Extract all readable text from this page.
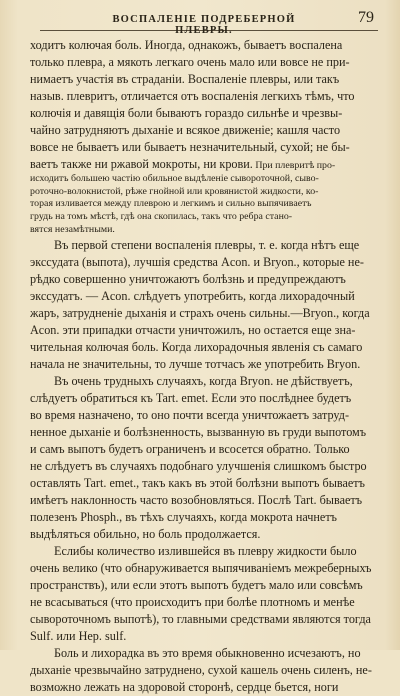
ВОСПАЛЕНІЕ ПОДРЕБЕРНОЙ ПЛЕВРЫ.
79
ходитъ колючая боль. Иногда, однакожъ, бываетъ воспалена
только плевра, а мякоть легкаго очень мало или вовсе не при-
нимаетъ участія въ страданіи. Воспаленіе плевры, или такъ
назыв. плевритъ, отличается отъ воспаленія легкихъ тѣмъ, что
колючія и давящія боли бываютъ гораздо сильнѣе и чрезвы-
чайно затрудняютъ дыханіе и всякое движеніе; кашля часто
вовсе не бываетъ или бываетъ незначительный, сухой; не бы-
ваетъ также ни ржавой мокроты, ни крови. При плевритѣ про-
исходитъ большею частію обильное выдѣленіе сывороточной, сыво-
роточно-волокнистой, рѣже гнойной или кровянистой жидкости, ко-
торая изливается между плеврою и легкимъ и сильно выпячиваетъ
грудь на томъ мѣстѣ, гдѣ она скопилась, такъ что ребра стано-
вятся незамѣтными.
Въ первой степени воспаленія плевры, т. е. когда нѣтъ еще
экссудата (выпота), лучшія средства Acon. и Bryon., которые не-
рѣдко совершенно уничтожаютъ болѣзнь и предупреждаютъ
экссудатъ. — Acon. слѣдуетъ употребить, когда лихорадочный
жаръ, затрудненіе дыханія и страхъ очень сильны.—Bryon., когда
Acon. эти припадки отчасти уничтожилъ, но остается еще зна-
чительная колючая боль. Когда лихорадочныя явленія съ самаго
начала не значительны, то лучше тотчасъ же употребить Bryon.
Въ очень трудныхъ случаяхъ, когда Bryon. не дѣйствуетъ,
слѣдуетъ обратиться къ Tart. emet. Если это послѣднее будетъ
во время назначено, то оно почти всегда уничтожаетъ затруд-
ненное дыханіе и болѣзненность, вызванную въ груди выпотомъ
и самъ выпотъ будетъ ограниченъ и всосется обратно. Только
не слѣдуетъ въ случаяхъ подобнаго улучшенія слишкомъ быстро
оставлять Tart. emet., такъ какъ въ этой болѣзни выпотъ бываетъ
имѣетъ наклонность часто возобновляться. Послѣ Tart. бываетъ
полезенъ Phosph., въ тѣхъ случаяхъ, когда мокрота начнетъ
выдѣляться обильно, но боль продолжается.
Еслибы количество излившейся въ плевру жидкости было
очень велико (что обнаруживается выпячиваніемъ межреберныхъ
пространствъ), или если этотъ выпотъ будетъ мало или совсѣмъ
не всасываться (что происходитъ при болѣе плотномъ и менѣе
сывороточномъ выпотѣ), то главными средствами являются тогда
Sulf. или Hep. sulf.
Боль и лихорадка въ это время обыкновенно исчезаютъ, но
дыханіе чрезвычайно затруднено, сухой кашель очень силенъ, не-
возможно лежать на здоровой сторонѣ, сердце бьется, ноги
